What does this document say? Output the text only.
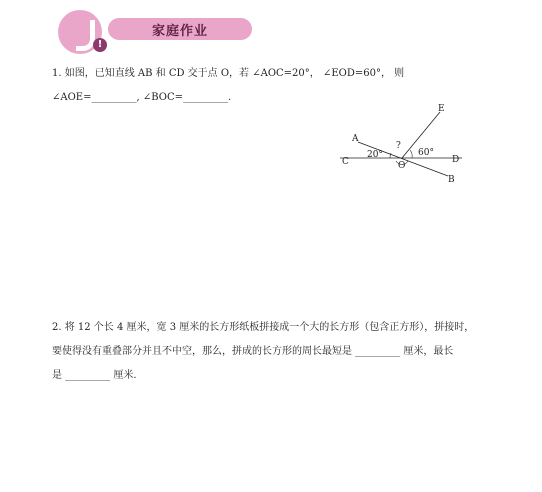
!
家庭作业
1. 如图，已知直线 AB 和 CD 交于点 O，若 ∠AOC=20°， ∠EOD=60°， 则
∠AOE=_________, ∠BOC=_________.
A
C	D
B
E
O
20°	60°
?
2. 将 12 个长 4 厘米，宽 3 厘米的长方形纸板拼接成一个大的长方形（包含正方形），拼接时，
要使得没有重叠部分并且不中空，那么，拼成的长方形的周长最短是 _________ 厘米，最长
是 _________ 厘米.
